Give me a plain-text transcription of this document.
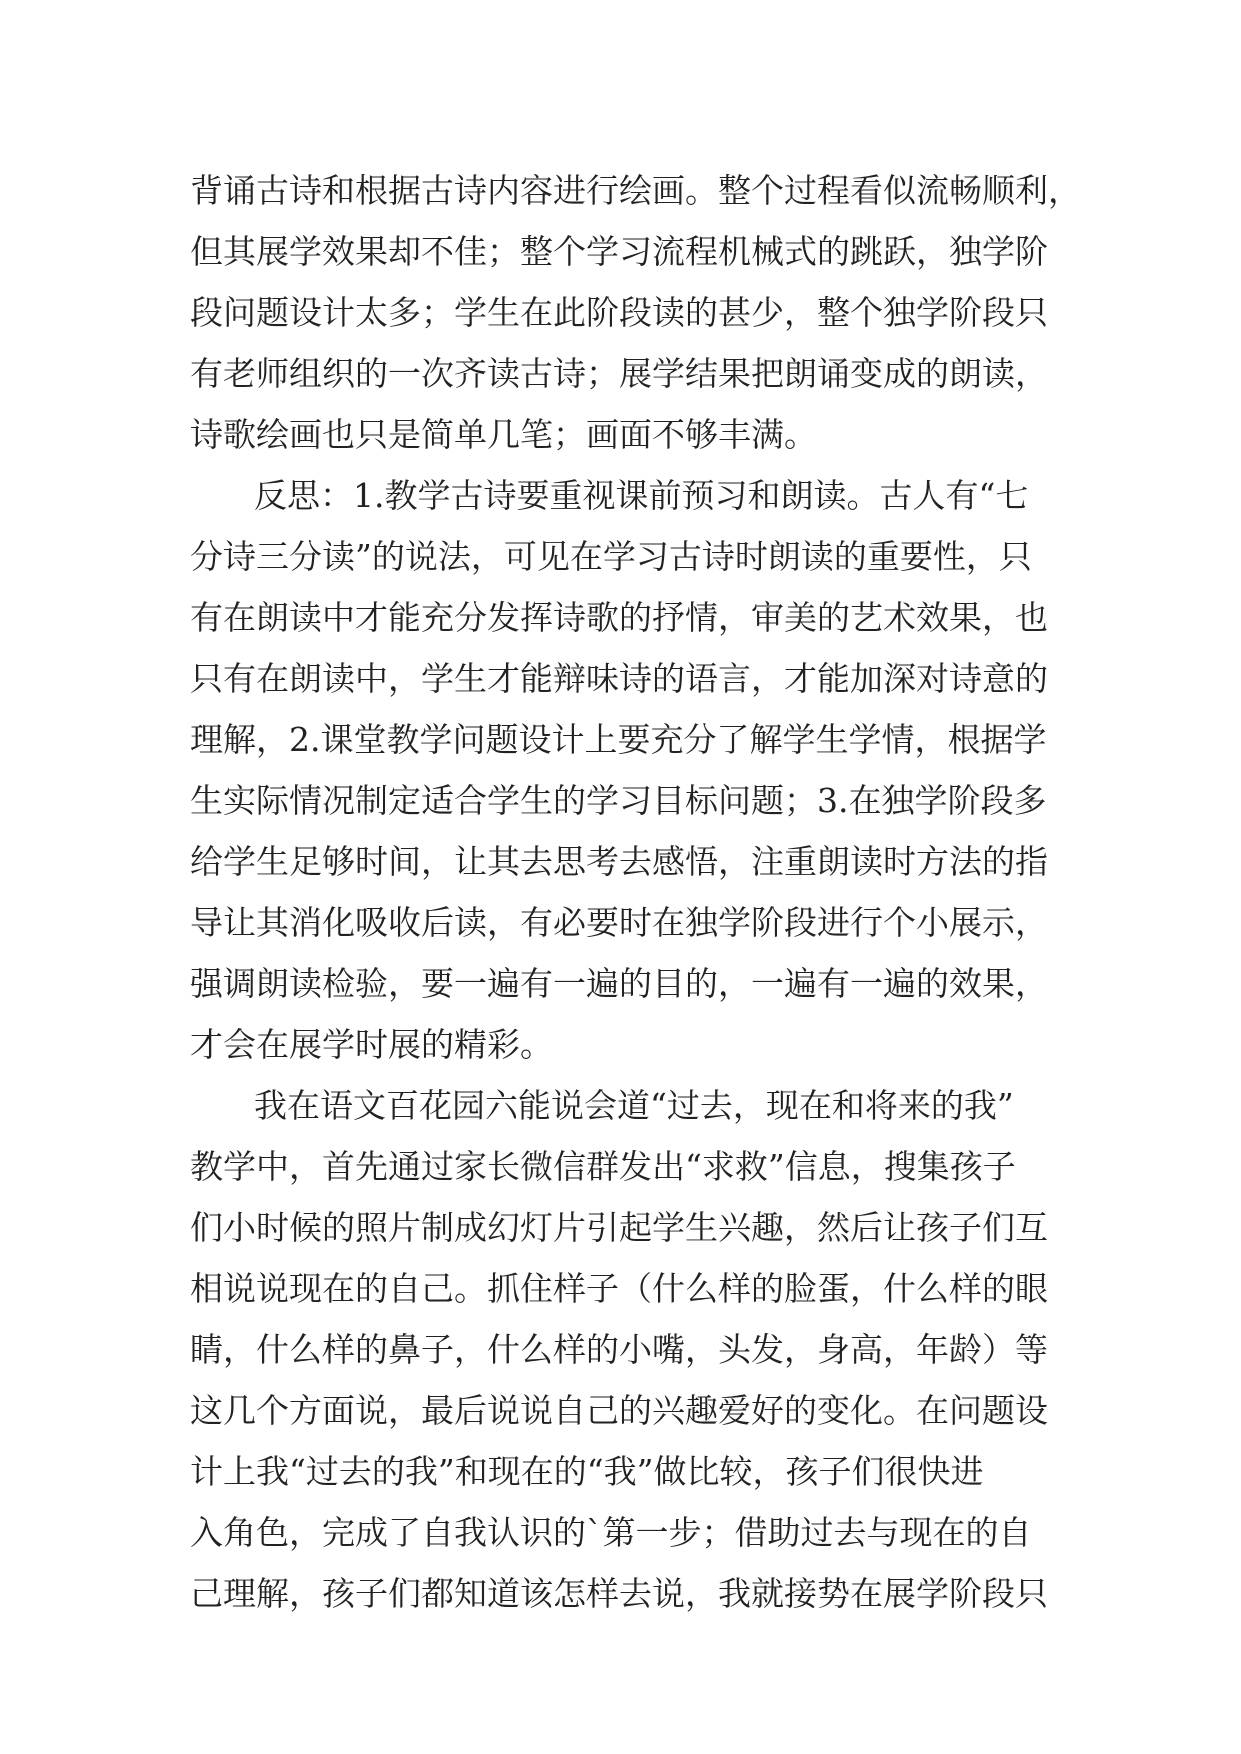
背诵古诗和根据古诗内容进行绘画。整个过程看似流畅顺利，
但其展学效果却不佳；整个学习流程机械式的跳跃，独学阶
段问题设计太多；学生在此阶段读的甚少，整个独学阶段只
有老师组织的一次齐读古诗；展学结果把朗诵变成的朗读，
诗歌绘画也只是简单几笔；画面不够丰满。
反思：1.教学古诗要重视课前预习和朗读。古人有“七
分诗三分读”的说法，可见在学习古诗时朗读的重要性，只
有在朗读中才能充分发挥诗歌的抒情，审美的艺术效果，也
只有在朗读中，学生才能辩味诗的语言，才能加深对诗意的
理解，2.课堂教学问题设计上要充分了解学生学情，根据学
生实际情况制定适合学生的学习目标问题；3.在独学阶段多
给学生足够时间，让其去思考去感悟，注重朗读时方法的指
导让其消化吸收后读，有必要时在独学阶段进行个小展示，
强调朗读检验，要一遍有一遍的目的，一遍有一遍的效果，
才会在展学时展的精彩。
我在语文百花园六能说会道“过去，现在和将来的我”
教学中，首先通过家长微信群发出“求救”信息，搜集孩子
们小时候的照片制成幻灯片引起学生兴趣，然后让孩子们互
相说说现在的自己。抓住样子（什么样的脸蛋，什么样的眼
睛，什么样的鼻子，什么样的小嘴，头发，身高，年龄）等
这几个方面说，最后说说自己的兴趣爱好的变化。在问题设
计上我“过去的我”和现在的“我”做比较，孩子们很快进
入角色，完成了自我认识的`第一步；借助过去与现在的自
己理解，孩子们都知道该怎样去说，我就接势在展学阶段只
